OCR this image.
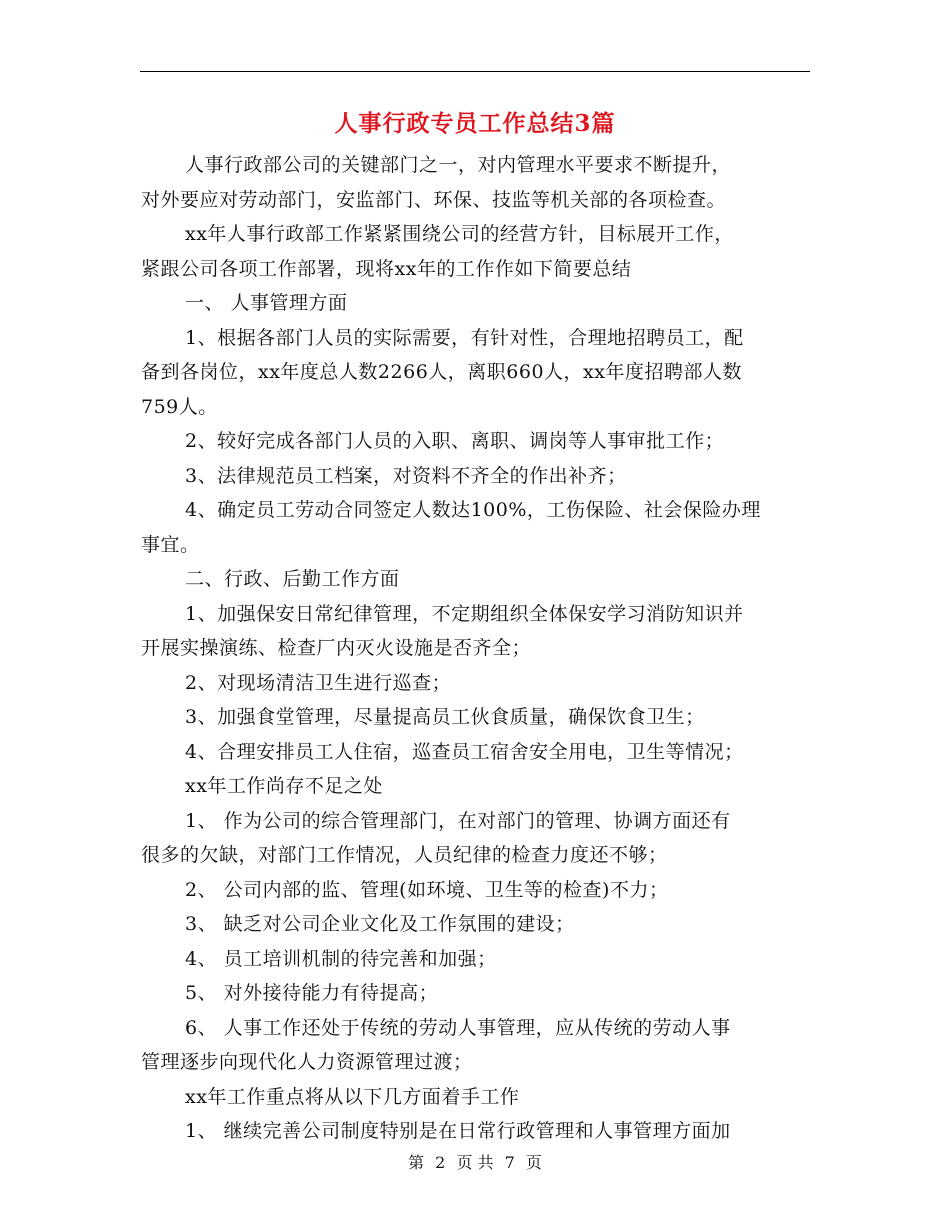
人事行政专员工作总结3篇

人事行政部公司的关键部门之一，对内管理水平要求不断提升，
对外要应对劳动部门，安监部门、环保、技监等机关部的各项检查。

xx年人事行政部工作紧紧围绕公司的经营方针，目标展开工作，
紧跟公司各项工作部署，现将xx年的工作作如下简要总结

一、 人事管理方面

1、根据各部门人员的实际需要，有针对性，合理地招聘员工，配
备到各岗位，xx年度总人数2266人，离职660人，xx年度招聘部人数
759人。

2、较好完成各部门人员的入职、离职、调岗等人事审批工作；

3、法律规范员工档案，对资料不齐全的作出补齐；

4、确定员工劳动合同签定人数达100%，工伤保险、社会保险办理
事宜。

二、行政、后勤工作方面

1、加强保安日常纪律管理，不定期组织全体保安学习消防知识并
开展实操演练、检查厂内灭火设施是否齐全；

2、对现场清洁卫生进行巡查；

3、加强食堂管理，尽量提高员工伙食质量，确保饮食卫生；

4、合理安排员工人住宿，巡查员工宿舍安全用电，卫生等情况；

xx年工作尚存不足之处

1、 作为公司的综合管理部门，在对部门的管理、协调方面还有
很多的欠缺，对部门工作情况，人员纪律的检查力度还不够；

2、 公司内部的监、管理(如环境、卫生等的检查)不力；

3、 缺乏对公司企业文化及工作氛围的建设；

4、 员工培训机制的待完善和加强；

5、 对外接待能力有待提高；

6、 人事工作还处于传统的劳动人事管理，应从传统的劳动人事
管理逐步向现代化人力资源管理过渡；

xx年工作重点将从以下几方面着手工作

1、 继续完善公司制度特别是在日常行政管理和人事管理方面加

第 2 页 共 7 页
